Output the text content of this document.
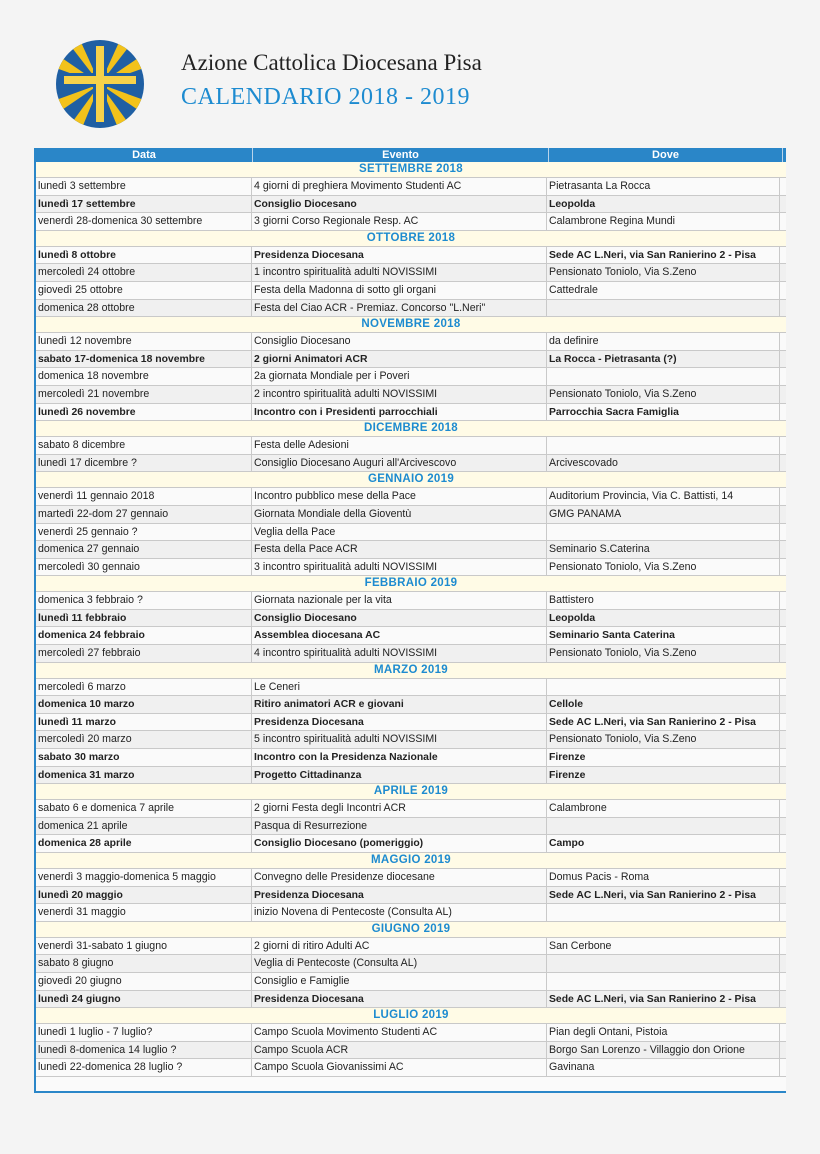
Azione Cattolica Diocesana Pisa
CALENDARIO 2018 - 2019
Data	Evento	Dove
SETTEMBRE 2018
lunedì 3 settembre	4 giorni di preghiera Movimento Studenti AC	Pietrasanta La Rocca
lunedì 17 settembre	Consiglio Diocesano	Leopolda
venerdì 28-domenica 30 settembre	3 giorni Corso Regionale Resp. AC	Calambrone Regina Mundi
OTTOBRE 2018
lunedì 8 ottobre	Presidenza Diocesana	Sede AC L.Neri, via San Ranierino 2 - Pisa
mercoledì 24 ottobre	1 incontro spiritualità adulti NOVISSIMI	Pensionato Toniolo, Via S.Zeno
giovedì 25 ottobre	Festa della Madonna di sotto gli organi	Cattedrale
domenica 28 ottobre	Festa del Ciao ACR - Premiaz. Concorso "L.Neri"
NOVEMBRE 2018
lunedì 12 novembre	Consiglio Diocesano	da definire
sabato 17-domenica 18 novembre	2 giorni Animatori ACR	La Rocca - Pietrasanta (?)
domenica 18 novembre	2a giornata Mondiale per i Poveri
mercoledì 21 novembre	2 incontro spiritualità adulti NOVISSIMI	Pensionato Toniolo, Via S.Zeno
lunedì 26 novembre	Incontro con i Presidenti parrocchiali	Parrocchia Sacra Famiglia
DICEMBRE 2018
sabato 8 dicembre	Festa delle Adesioni
lunedì 17 dicembre ?	Consiglio Diocesano Auguri all'Arcivescovo	Arcivescovado
GENNAIO 2019
venerdì 11 gennaio 2018	Incontro pubblico mese della Pace	Auditorium Provincia, Via C. Battisti, 14
martedì 22-dom 27 gennaio	Giornata Mondiale della Gioventù	GMG PANAMA
venerdì 25 gennaio ?	Veglia della Pace
domenica 27 gennaio	Festa della Pace ACR	Seminario S.Caterina
mercoledì 30 gennaio	3 incontro spiritualità adulti NOVISSIMI	Pensionato Toniolo, Via S.Zeno
FEBBRAIO 2019
domenica 3 febbraio ?	Giornata nazionale per la vita	Battistero
lunedì 11 febbraio	Consiglio Diocesano	Leopolda
domenica 24 febbraio	Assemblea diocesana AC	Seminario Santa Caterina
mercoledì 27 febbraio	4 incontro spiritualità adulti NOVISSIMI	Pensionato Toniolo, Via S.Zeno
MARZO 2019
mercoledì 6 marzo	Le Ceneri
domenica 10 marzo	Ritiro animatori ACR e giovani	Cellole
lunedì 11 marzo	Presidenza Diocesana	Sede AC L.Neri, via San Ranierino 2 - Pisa
mercoledì 20 marzo	5 incontro spiritualità adulti NOVISSIMI	Pensionato Toniolo, Via S.Zeno
sabato 30 marzo	Incontro con la Presidenza Nazionale	Firenze
domenica 31 marzo	Progetto Cittadinanza	Firenze
APRILE 2019
sabato 6 e domenica 7 aprile	2 giorni Festa degli Incontri ACR	Calambrone
domenica 21 aprile	Pasqua di Resurrezione
domenica 28 aprile	Consiglio Diocesano (pomeriggio)	Campo
MAGGIO 2019
venerdì 3 maggio-domenica 5 maggio	Convegno delle Presidenze diocesane	Domus Pacis - Roma
lunedì 20 maggio	Presidenza Diocesana	Sede AC L.Neri, via San Ranierino 2 - Pisa
venerdì 31 maggio	inizio Novena di Pentecoste (Consulta AL)
GIUGNO 2019
venerdì 31-sabato 1 giugno	2 giorni di ritiro Adulti AC	San Cerbone
sabato 8 giugno	Veglia di Pentecoste (Consulta AL)
giovedì 20 giugno	Consiglio e Famiglie
lunedì 24 giugno	Presidenza Diocesana	Sede AC L.Neri, via San Ranierino 2 - Pisa
LUGLIO 2019
lunedì 1 luglio - 7 luglio?	Campo Scuola Movimento Studenti AC	Pian degli Ontani, Pistoia
lunedì 8-domenica 14 luglio ?	Campo Scuola ACR	Borgo San Lorenzo - Villaggio don Orione
lunedì 22-domenica 28 luglio ?	Campo Scuola Giovanissimi AC	Gavinana
